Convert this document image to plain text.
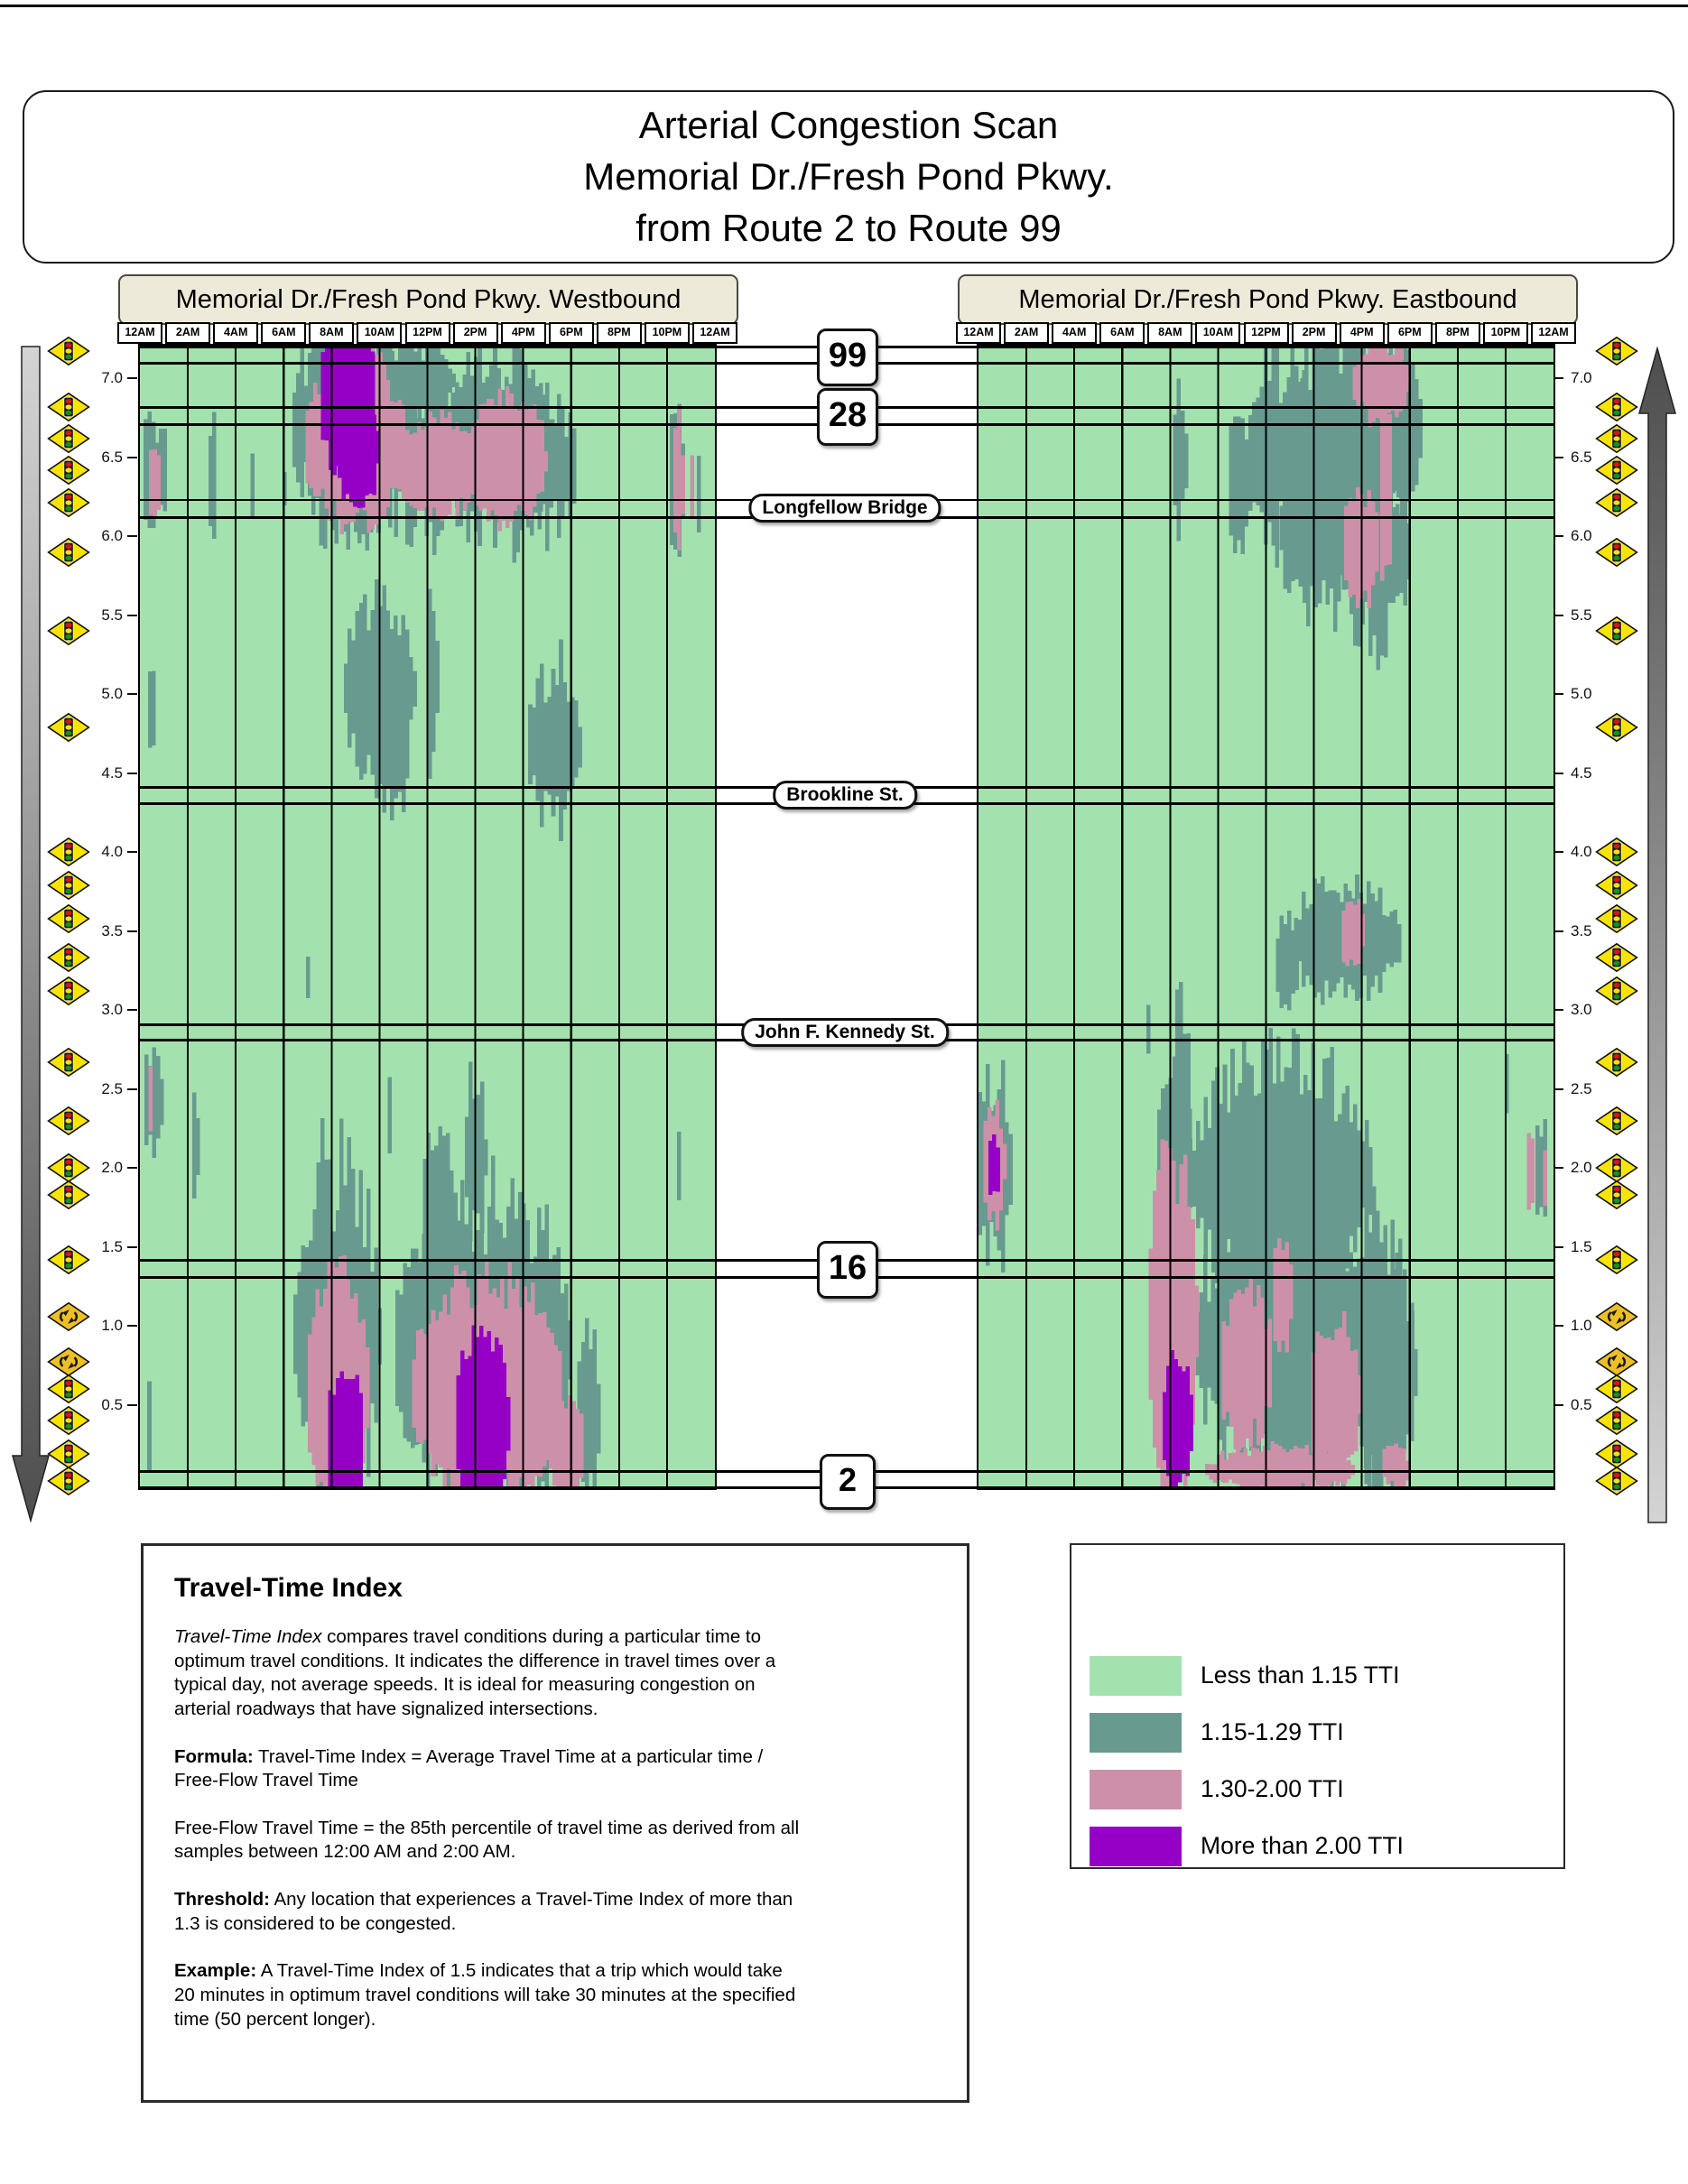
Arterial Congestion Scan
Memorial Dr./Fresh Pond Pkwy.
from Route 2 to Route 99
Memorial Dr./Fresh Pond Pkwy. Westbound	Memorial Dr./Fresh Pond Pkwy. Eastbound
Travel-Time Index

Travel-Time Index compares travel conditions during a particular time to optimum travel conditions. It indicates the difference in travel times over a typical day, not average speeds. It is ideal for measuring congestion on arterial roadways that have signalized intersections.

Formula: Travel-Time Index = Average Travel Time at a particular time / Free-Flow Travel Time

Free-Flow Travel Time = the 85th percentile of travel time as derived from all samples between 12:00 AM and 2:00 AM.

Threshold: Any location that experiences a Travel-Time Index of more than 1.3 is considered to be congested.

Example: A Travel-Time Index of 1.5 indicates that a trip which would take 20 minutes in optimum travel conditions will take 30 minutes at the specified time (50 percent longer).

12AM	2AM	4AM	6AM	8AM	10AM	12PM	2PM	4PM	6PM	8PM	10PM	12AM	12AM	2AM	4AM	6AM	8AM	10AM	12PM	2PM	4PM	6PM	8PM	10PM	12AM
7.0	7.0
6.5	6.5
6.0	6.0
5.5	5.5
5.0	5.0
4.5	4.5
4.0	4.0
3.5	3.5
3.0	3.0
2.5	2.5
2.0	2.0
1.5	1.5
1.0	1.0
0.5	0.5
99
28
Longfellow Bridge
Brookline St.
John F. Kennedy St.
16
2
Less than 1.15 TTI
1.15-1.29 TTI
1.30-2.00 TTI
More than 2.00 TTI
